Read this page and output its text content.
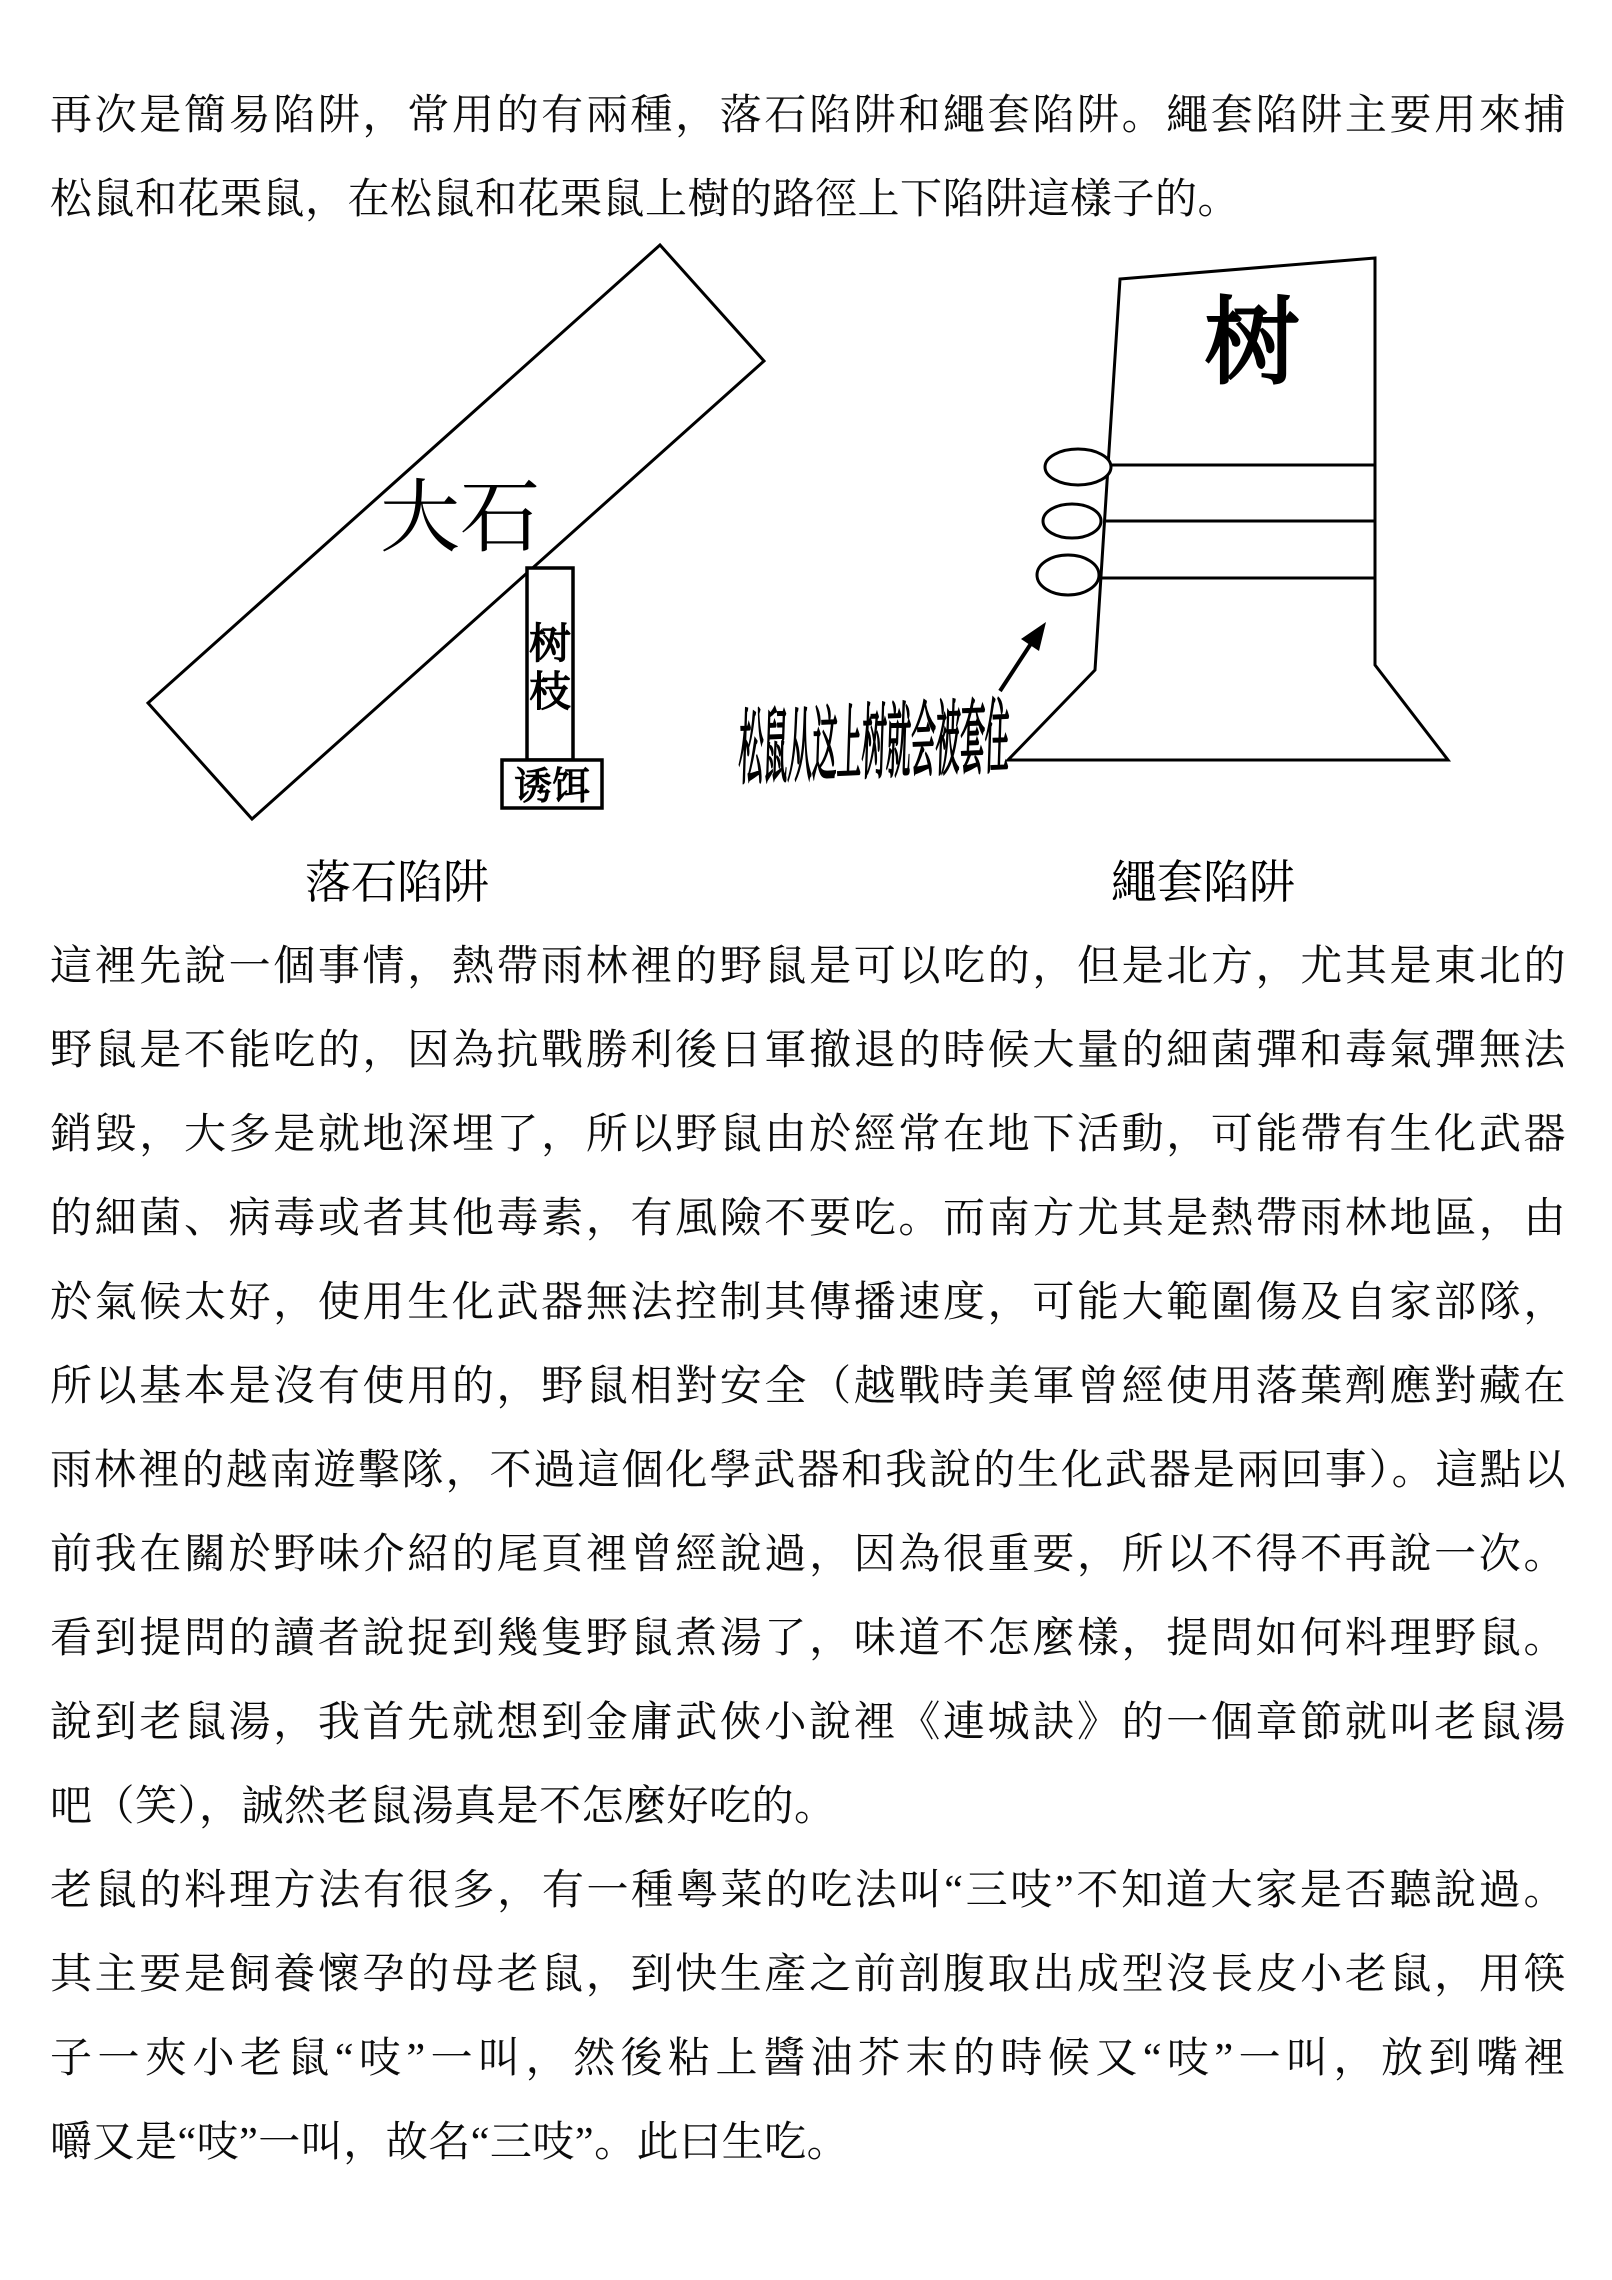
再次是簡易陷阱，常用的有兩種，落石陷阱和繩套陷阱。繩套陷阱主要用來捕
松鼠和花栗鼠，在松鼠和花栗鼠上樹的路徑上下陷阱這樣子的。
大石
树
枝
诱饵
落石陷阱
树
松鼠从这上树就会被套住
繩套陷阱
這裡先說一個事情，熱帶雨林裡的野鼠是可以吃的，但是北方，尤其是東北的
野鼠是不能吃的，因為抗戰勝利後日軍撤退的時候大量的細菌彈和毒氣彈無法
銷毀，大多是就地深埋了，所以野鼠由於經常在地下活動，可能帶有生化武器
的細菌、病毒或者其他毒素，有風險不要吃。而南方尤其是熱帶雨林地區，由
於氣候太好，使用生化武器無法控制其傳播速度，可能大範圍傷及自家部隊，
所以基本是沒有使用的，野鼠相對安全（越戰時美軍曾經使用落葉劑應對藏在
雨林裡的越南遊擊隊，不過這個化學武器和我說的生化武器是兩回事）。這點以
前我在關於野味介紹的尾頁裡曾經說過，因為很重要，所以不得不再說一次。
看到提問的讀者說捉到幾隻野鼠煮湯了，味道不怎麼樣，提問如何料理野鼠。
說到老鼠湯，我首先就想到金庸武俠小說裡《連城訣》的一個章節就叫老鼠湯
吧（笑），誠然老鼠湯真是不怎麼好吃的。
老鼠的料理方法有很多，有一種粵菜的吃法叫“三吱”不知道大家是否聽說過。
其主要是飼養懷孕的母老鼠，到快生產之前剖腹取出成型沒長皮小老鼠，用筷
子一夾小老鼠“吱”一叫，然後粘上醬油芥末的時候又“吱”一叫，放到嘴裡
嚼又是“吱”一叫，故名“三吱”。此曰生吃。
